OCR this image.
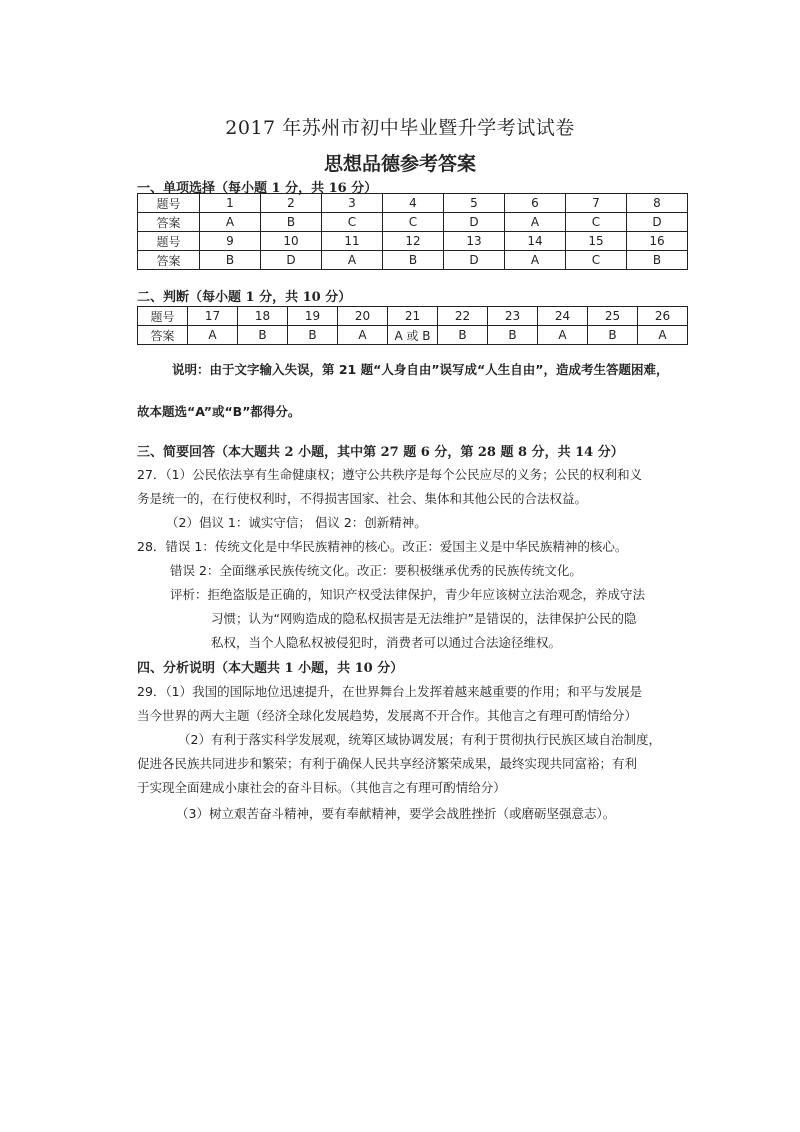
2017 年苏州市初中毕业暨升学考试试卷
思想品德参考答案
一、单项选择（每小题 1 分，共 16 分）
题号	1	2	3	4	5	6	7	8
答案	A	B	C	C	D	A	C	D
题号	9	10	11	12	13	14	15	16
答案	B	D	A	B	D	A	C	B
二、判断（每小题 1 分，共 10 分）
题号	17	18	19	20	21	22	23	24	25	26
答案	A	B	B	A	A 或 B	B	B	A	B	A
说明：由于文字输入失误，第 21 题“人身自由”误写成“人生自由”，造成考生答题困难，
故本题选“A”或“B”都得分。
三、简要回答（本大题共 2 小题，其中第 27 题 6 分，第 28 题 8 分，共 14 分）
27．（1）公民依法享有生命健康权；遵守公共秩序是每个公民应尽的义务；公民的权利和义
务是统一的，在行使权利时，不得损害国家、社会、集体和其他公民的合法权益。
（2）倡议 1：诚实守信； 倡议 2：创新精神。
28．错误 1：传统文化是中华民族精神的核心。改正：爱国主义是中华民族精神的核心。
错误 2：全面继承民族传统文化。改正：要积极继承优秀的民族传统文化。
评析：拒绝盗版是正确的，知识产权受法律保护，青少年应该树立法治观念，养成守法
习惯；认为“网购造成的隐私权损害是无法维护”是错误的，法律保护公民的隐
私权，当个人隐私权被侵犯时，消费者可以通过合法途径维权。
四、分析说明（本大题共 1 小题，共 10 分）
29．（1）我国的国际地位迅速提升，在世界舞台上发挥着越来越重要的作用；和平与发展是
当今世界的两大主题（经济全球化发展趋势，发展离不开合作。其他言之有理可酌情给分）
（2）有利于落实科学发展观，统筹区域协调发展；有利于贯彻执行民族区域自治制度，
促进各民族共同进步和繁荣；有利于确保人民共享经济繁荣成果，最终实现共同富裕；有利
于实现全面建成小康社会的奋斗目标。（其他言之有理可酌情给分）
（3）树立艰苦奋斗精神，要有奉献精神，要学会战胜挫折（或磨砺坚强意志）。
